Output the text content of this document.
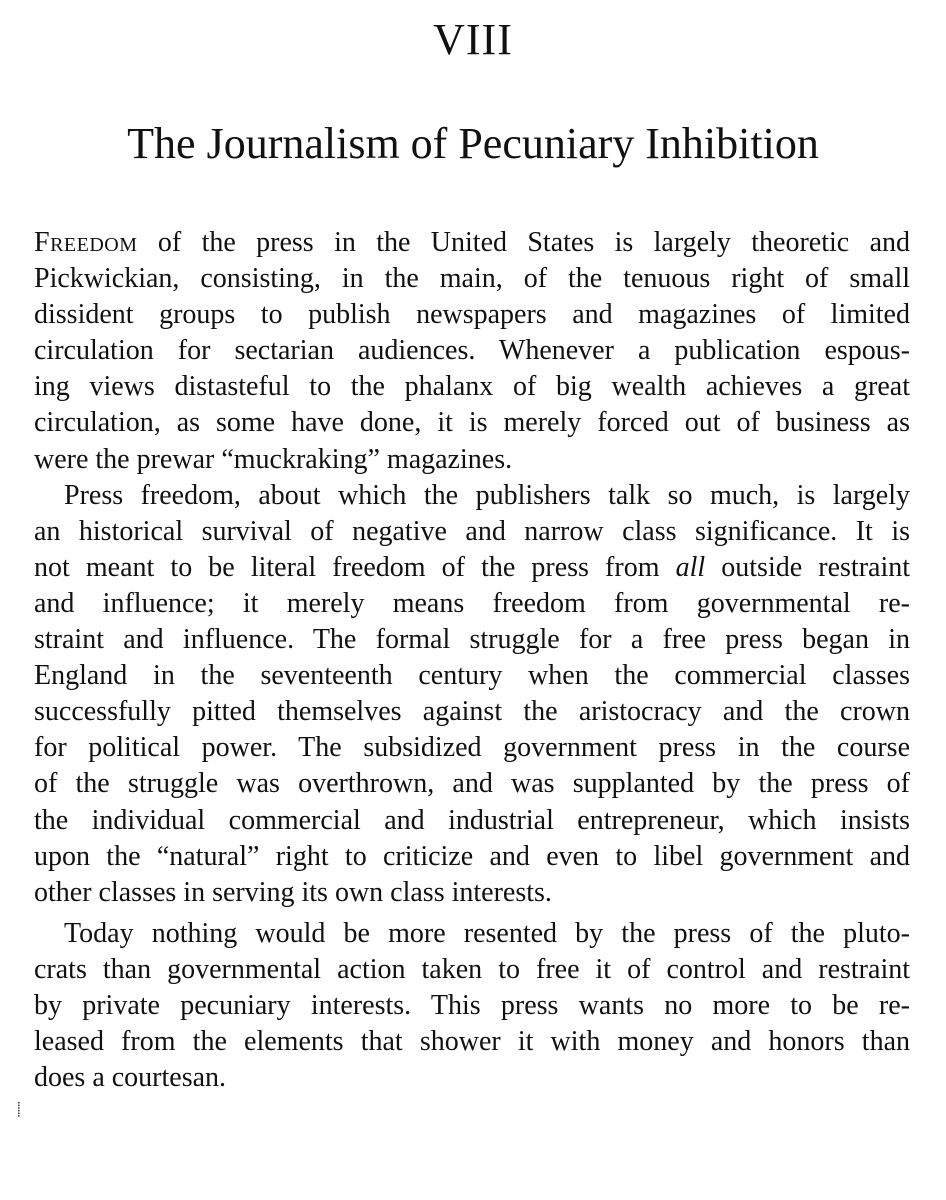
VIII
The Journalism of Pecuniary Inhibition
Freedom of the press in the United States is largely theoretic and
Pickwickian, consisting, in the main, of the tenuous right of small
dissident groups to publish newspapers and magazines of limited
circulation for sectarian audiences. Whenever a publication espous-
ing views distasteful to the phalanx of big wealth achieves a great
circulation, as some have done, it is merely forced out of business as
were the prewar “muckraking” magazines.
Press freedom, about which the publishers talk so much, is largely
an historical survival of negative and narrow class significance. It is
not meant to be literal freedom of the press from all outside restraint
and influence; it merely means freedom from governmental re-
straint and influence. The formal struggle for a free press began in
England in the seventeenth century when the commercial classes
successfully pitted themselves against the aristocracy and the crown
for political power. The subsidized government press in the course
of the struggle was overthrown, and was supplanted by the press of
the individual commercial and industrial entrepreneur, which insists
upon the “natural” right to criticize and even to libel government and
other classes in serving its own class interests.
Today nothing would be more resented by the press of the pluto-
crats than governmental action taken to free it of control and restraint
by private pecuniary interests. This press wants no more to be re-
leased from the elements that shower it with money and honors than
does a courtesan.
⸽
